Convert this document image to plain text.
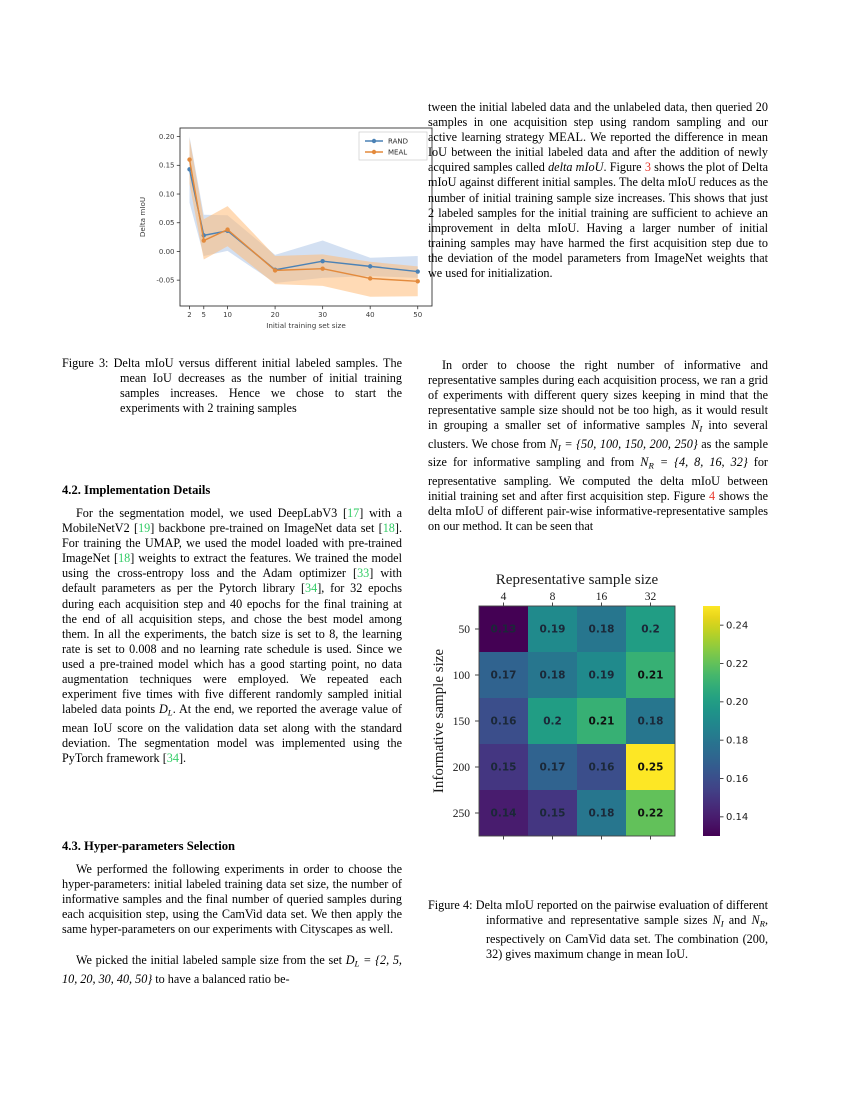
-0.05
0.00
0.05
0.10
0.15
0.20
2 5 10	20	30	40	50
Initial training set size
Delta mIoU
RAND
MEAL

Figure 3: Delta mIoU versus different initial labeled samples. The mean IoU decreases as the number of initial training samples increases. Hence we chose to start the experiments with 2 training samples

4.2. Implementation Details

For the segmentation model, we used DeepLabV3 [17] with a MobileNetV2 [19] backbone pre-trained on ImageNet data set [18]. For training the UMAP, we used the model loaded with pre-trained ImageNet [18] weights to extract the features. We trained the model using the cross-entropy loss and the Adam optimizer [33] with default parameters as per the Pytorch library [34], for 32 epochs during each acquisition step and 40 epochs for the final training at the end of all acquisition steps, and chose the best model among them. In all the experiments, the batch size is set to 8, the learning rate is set to 0.008 and no learning rate schedule is used. Since we used a pre-trained model which has a good starting point, no data augmentation techniques were employed. We repeated each experiment five times with five different randomly sampled initial labeled data points $D_L$. At the end, we reported the average value of mean IoU score on the validation data set along with the standard deviation. The segmentation model was implemented using the PyTorch framework [34].

4.3. Hyper-parameters Selection

We performed the following experiments in order to choose the hyper-parameters: initial labeled training data set size, the number of informative samples and the final number of queried samples during each acquisition step, using the CamVid data set. We then apply the same hyper-parameters on our experiments with Cityscapes as well.

We picked the initial labeled sample size from the set $D_L = \{2$, 5, 10, 20, 30, 40, 50} to have a balanced ratio be-

tween the initial labeled data and the unlabeled data, then queried 20 samples in one acquisition step using random sampling and our active learning strategy MEAL. We reported the difference in mean IoU between the initial labeled data and after the addition of newly acquired samples called delta mIoU. Figure 3 shows the plot of Delta mIoU against different initial samples. The delta mIoU reduces as the number of initial training sample size increases. This shows that just 2 labeled samples for the initial training are sufficient to achieve an improvement in delta mIoU. Having a larger number of initial training samples may have harmed the first acquisition step due to the deviation of the model parameters from ImageNet weights that we used for initialization.

In order to choose the right number of informative and representative samples during each acquisition process, we ran a grid of experiments with different query sizes keeping in mind that the representative sample size should not be too high, as it would result in grouping a smaller set of informative samples $N_I$ into several clusters. We chose from $N_I = \{50$, 100, 150, 200, 250} as the sample size for informative sampling and from $N_R = \{4$, 8, 16, 32} for representative sampling. We computed the delta mIoU between initial training set and after first acquisition step. Figure 4 shows the delta mIoU of different pair-wise informative-representative samples on our method. It can be seen that

Representative sample size
4	8	16	32
0.13 0.19 0.18	0.2
50
0.17 0.18 0.19 0.21
100
0.16	0.2	0.21 0.18
150
0.15 0.17 0.16 0.25
200
0.14 0.15 0.18 0.22
250
Informative sample size
0.14
0.16
0.18
0.20
0.22
0.24

Figure 4: Delta mIoU reported on the pairwise evaluation of different informative and representative sample sizes $N_I$ and $N_R$, respectively on CamVid data set. The combination (200, 32) gives maximum change in mean IoU.
